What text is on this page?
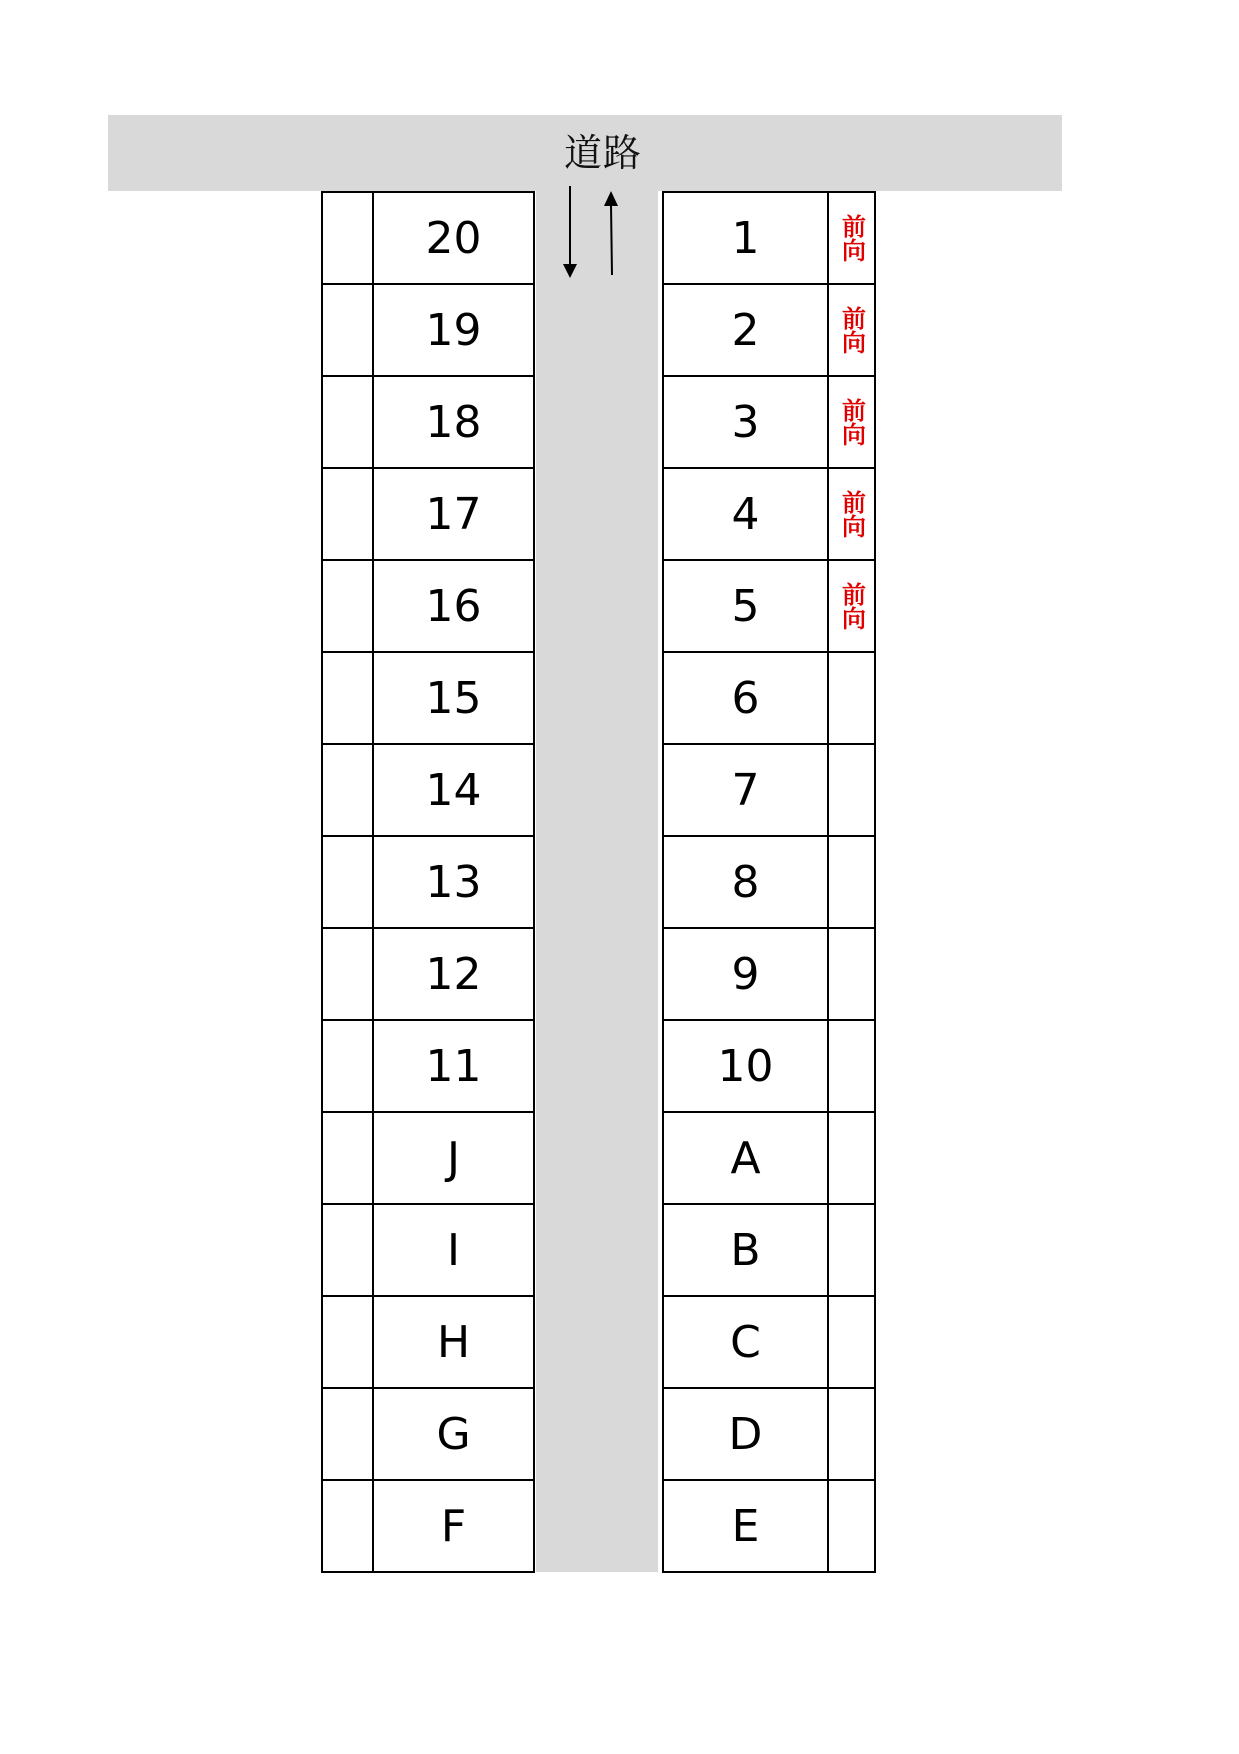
道路
20
19
18
17
16
15
14
13
12
11
J
I
H
G
F
1	前向
2	前向
3	前向
4	前向
5	前向
6
7
8
9
10
A
B
C
D
E
